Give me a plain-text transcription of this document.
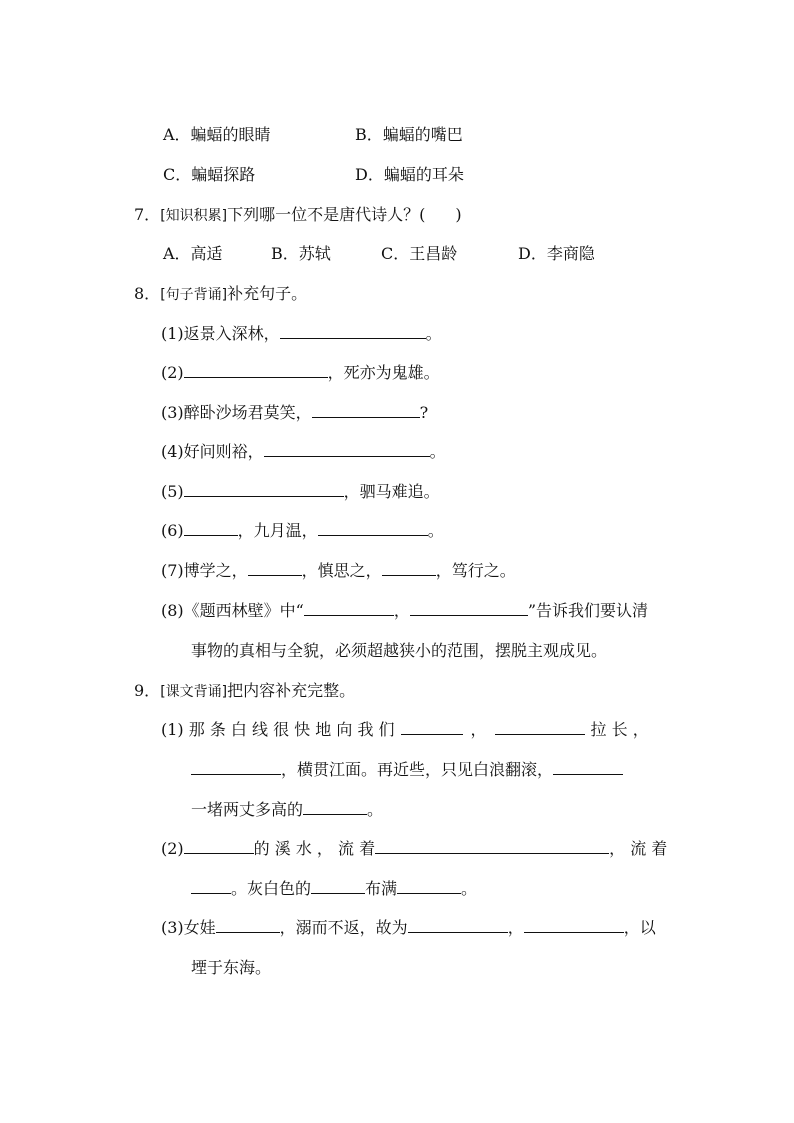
A．蝙蝠的眼睛	B．蝙蝠的嘴巴
C．蝙蝠探路	D．蝙蝠的耳朵
7．[知识积累]下列哪一位不是唐代诗人？( )
A．高适	B．苏轼	C．王昌龄	D．李商隐
8．[句子背诵]补充句子。
(1)返景入深林，	。
(2)	，死亦为鬼雄。
(3)醉卧沙场君莫笑，	?
(4)好问则裕，	。
(5)	，驷马难追。
(6)	，九月温，	。
(7)博学之，	，慎思之，	，笃行之。
(8)《题西林壁》中“	，	”告诉我们要认清
事物的真相与全貌，必须超越狭小的范围，摆脱主观成见。
9．[课文背诵]把内容补充完整。
(1) 那 条 白 线 很 快 地 向 我 们	，	拉 长 ，
，横贯江面。再近些，只见白浪翻滚，
一堵两丈多高的	。
(2)	的 溪 水 ， 流 着	， 流 着
。灰白色的	布满	。
(3)女娃	，溺而不返，故为	，	，以
堙于东海。
